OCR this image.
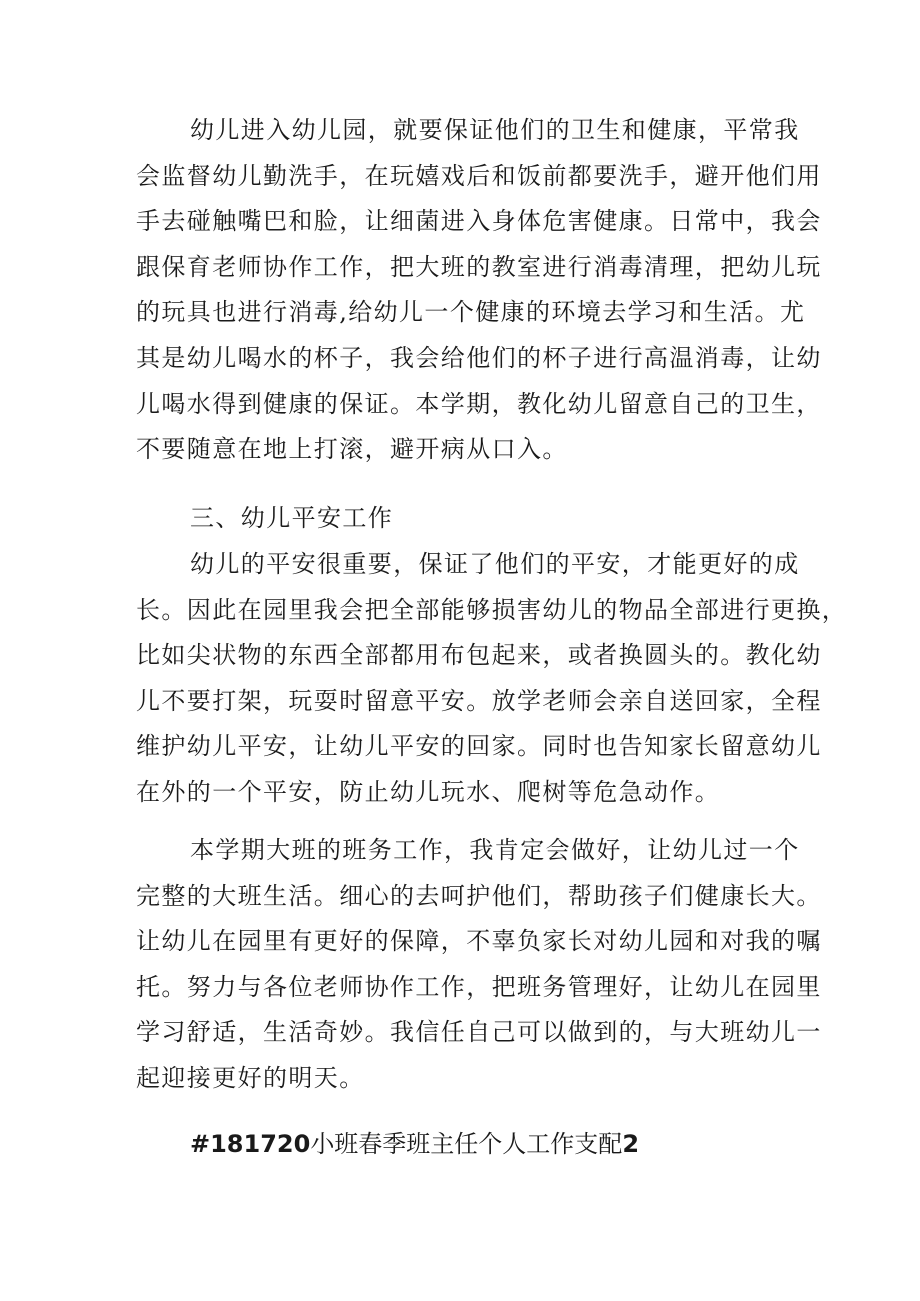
幼儿进入幼儿园，就要保证他们的卫生和健康，平常我
会监督幼儿勤洗手，在玩嬉戏后和饭前都要洗手，避开他们用
手去碰触嘴巴和脸，让细菌进入身体危害健康。日常中，我会
跟保育老师协作工作，把大班的教室进行消毒清理，把幼儿玩
的玩具也进行消毒,给幼儿一个健康的环境去学习和生活。尤
其是幼儿喝水的杯子，我会给他们的杯子进行高温消毒，让幼
儿喝水得到健康的保证。本学期，教化幼儿留意自己的卫生，
不要随意在地上打滚，避开病从口入。
三、幼儿平安工作
幼儿的平安很重要，保证了他们的平安，才能更好的成
长。因此在园里我会把全部能够损害幼儿的物品全部进行更换，
比如尖状物的东西全部都用布包起来，或者换圆头的。教化幼
儿不要打架，玩耍时留意平安。放学老师会亲自送回家，全程
维护幼儿平安，让幼儿平安的回家。同时也告知家长留意幼儿
在外的一个平安，防止幼儿玩水、爬树等危急动作。
本学期大班的班务工作，我肯定会做好，让幼儿过一个
完整的大班生活。细心的去呵护他们，帮助孩子们健康长大。
让幼儿在园里有更好的保障，不辜负家长对幼儿园和对我的嘱
托。努力与各位老师协作工作，把班务管理好，让幼儿在园里
学习舒适，生活奇妙。我信任自己可以做到的，与大班幼儿一
起迎接更好的明天。
#181720小班春季班主任个人工作支配2
